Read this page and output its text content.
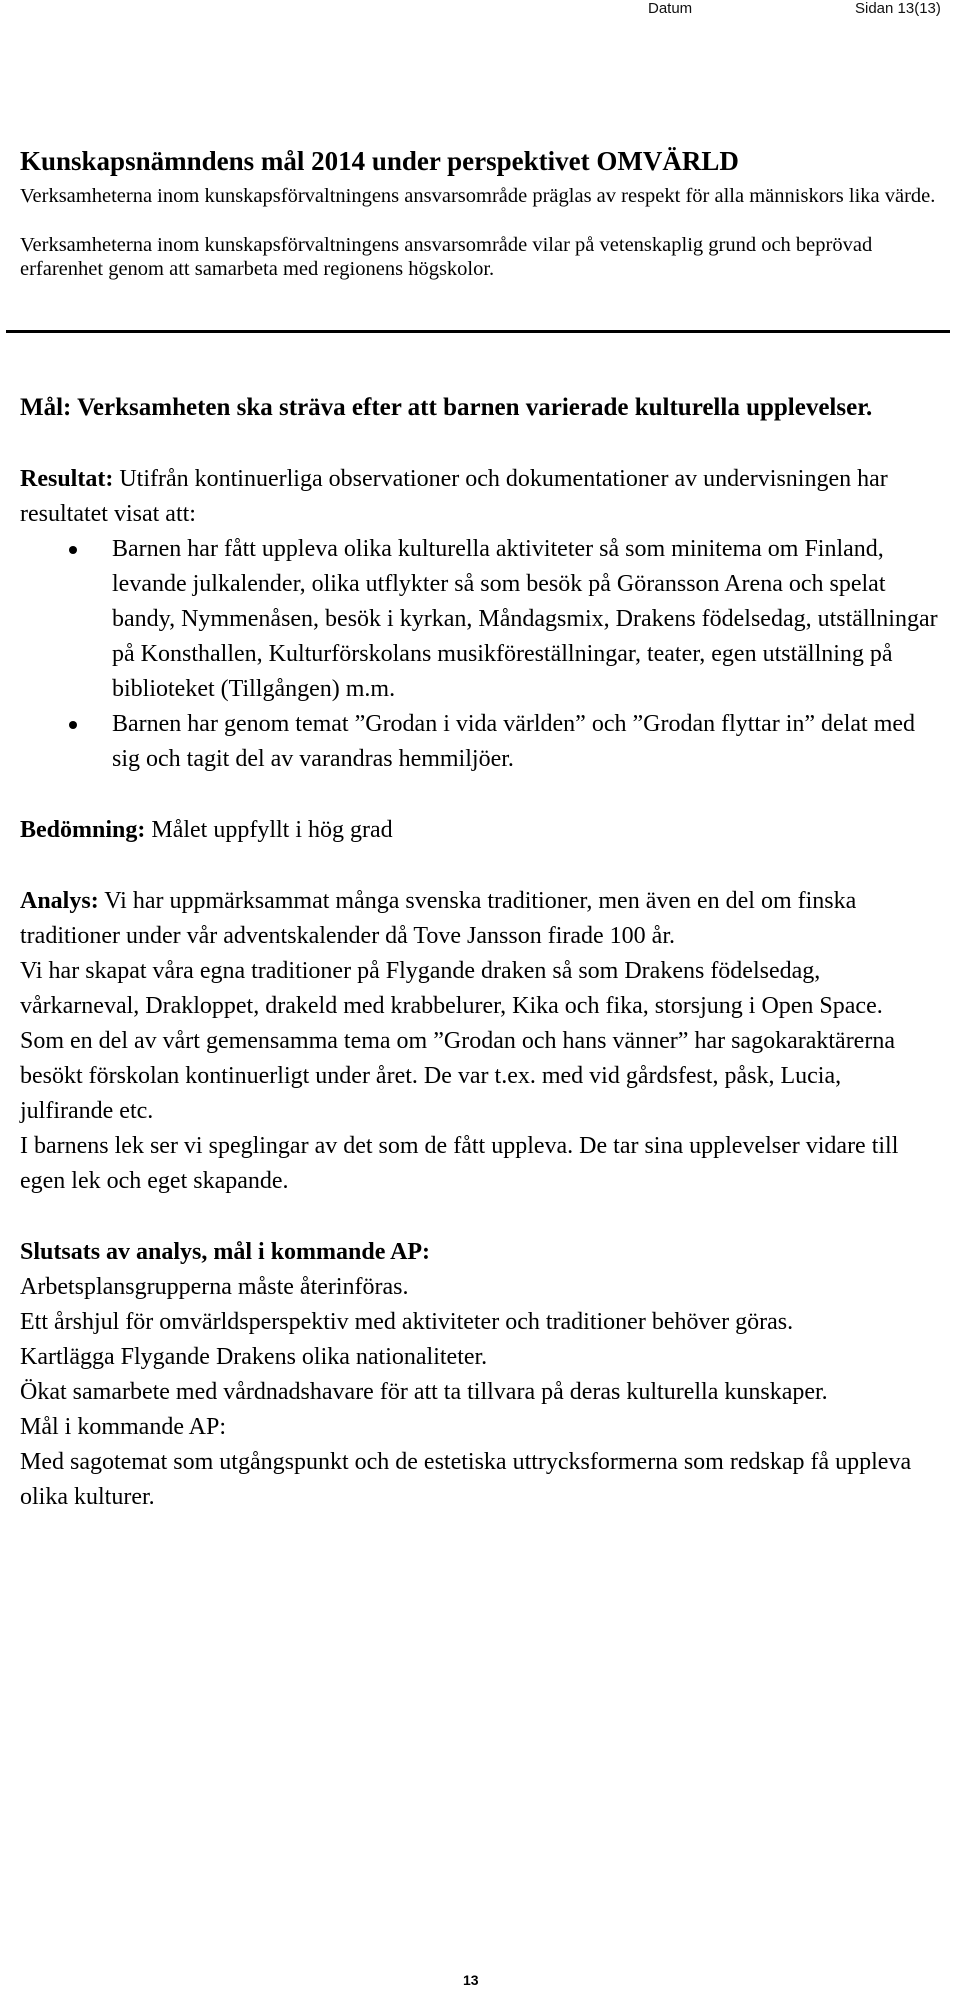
Datum	Sidan 13(13)
Kunskapsnämndens mål 2014 under perspektivet OMVÄRLD

Verksamheterna inom kunskapsförvaltningens ansvarsområde präglas av respekt för alla människors lika värde.

Verksamheterna inom kunskapsförvaltningens ansvarsområde vilar på vetenskaplig grund och beprövad erfarenhet genom att samarbeta med regionens högskolor.

Mål: Verksamheten ska sträva efter att barnen varierade kulturella upplevelser.

Resultat: Utifrån kontinuerliga observationer och dokumentationer av undervisningen har resultatet visat att:

Barnen har fått uppleva olika kulturella aktiviteter så som minitema om Finland, levande julkalender, olika utflykter så som besök på Göransson Arena och spelat bandy, Nymmenåsen, besök i kyrkan, Måndagsmix, Drakens födelsedag, utställningar på Konsthallen, Kulturförskolans musikföreställningar, teater, egen utställning på biblioteket (Tillgången) m.m.
Barnen har genom temat ”Grodan i vida världen” och ”Grodan flyttar in” delat med sig och tagit del av varandras hemmiljöer.

Bedömning: Målet uppfyllt i hög grad

Analys: Vi har uppmärksammat många svenska traditioner, men även en del om finska traditioner under vår adventskalender då Tove Jansson firade 100 år.

Vi har skapat våra egna traditioner på Flygande draken så som Drakens födelsedag, vårkarneval, Drakloppet, drakeld med krabbelurer, Kika och fika, storsjung i Open Space.

Som en del av vårt gemensamma tema om ”Grodan och hans vänner” har sagokaraktärerna besökt förskolan kontinuerligt under året. De var t.ex. med vid gårdsfest, påsk, Lucia, julfirande etc.

I barnens lek ser vi speglingar av det som de fått uppleva. De tar sina upplevelser vidare till egen lek och eget skapande.

Slutsats av analys, mål i kommande AP:

Arbetsplansgrupperna måste återinföras.

Ett årshjul för omvärldsperspektiv med aktiviteter och traditioner behöver göras.

Kartlägga Flygande Drakens olika nationaliteter.

Ökat samarbete med vårdnadshavare för att ta tillvara på deras kulturella kunskaper.

Mål i kommande AP:

Med sagotemat som utgångspunkt och de estetiska uttrycksformerna som redskap få uppleva olika kulturer.

13
